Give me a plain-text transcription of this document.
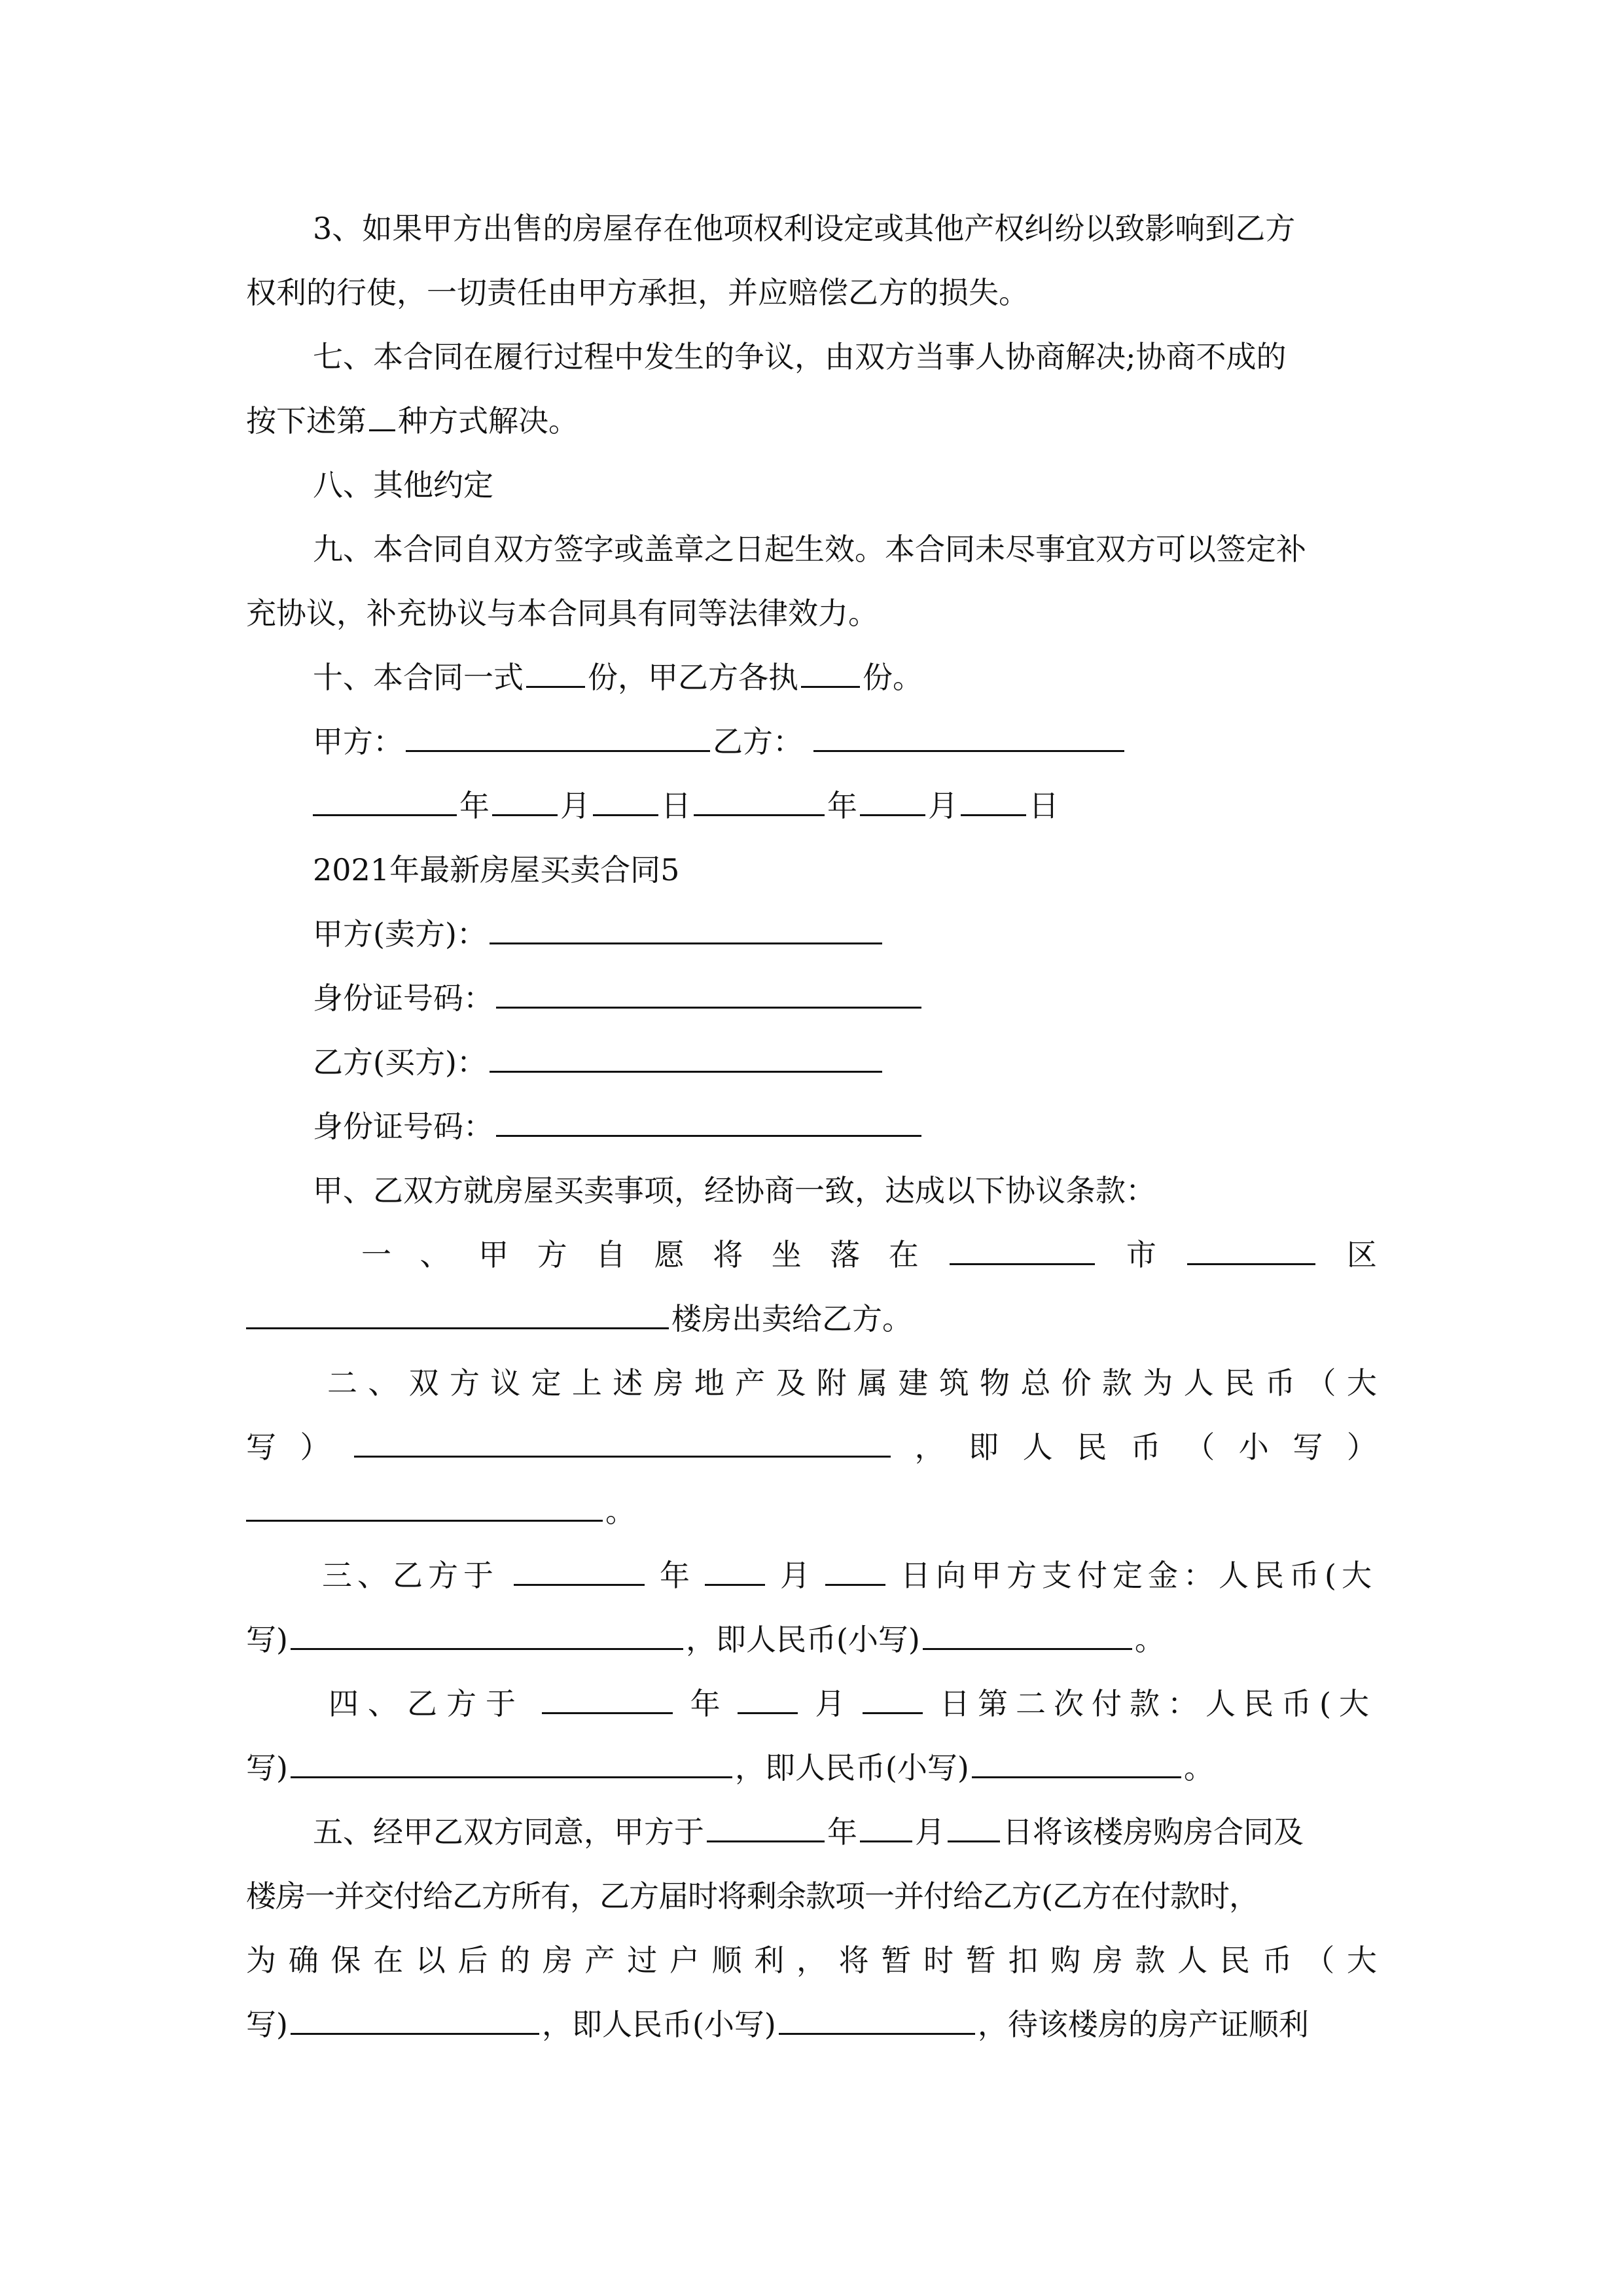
3、如果甲方出售的房屋存在他项权利设定或其他产权纠纷以致影响到乙方
权利的行使，一切责任由甲方承担，并应赔偿乙方的损失。
七、本合同在履行过程中发生的争议，由双方当事人协商解决;协商不成的
按下述第 种方式解决。
八、其他约定
九、本合同自双方签字或盖章之日起生效。本合同未尽事宜双方可以签定补
充协议，补充协议与本合同具有同等法律效力。
十、本合同一式 份，甲乙方各执 份。
甲方：	乙方：
年 月 日	年 月 日
2021年最新房屋买卖合同5
甲方(卖方)：
身份证号码：
乙方(买方)：
身份证号码：
甲、乙双方就房屋买卖事项，经协商一致，达成以下协议条款：
一 、 甲 方 自 愿 将 坐 落 在	市	区
楼房出卖给乙方。
二 、 双 方 议 定 上 述 房 地 产 及 附 属 建 筑 物 总 价 款 为 人 民 币 （ 大
写 ）	， 即 人 民 币 （ 小 写 ）
。
三、乙方于	年	月	日向甲方支付定金：人民币(大
写)	，即人民币(小写)	。
四、乙方于	年	月	日第二次付款：人民币(大
写)	，即人民币(小写)	。
五、经甲乙双方同意，甲方于	年 月 日将该楼房购房合同及
楼房一并交付给乙方所有，乙方届时将剩余款项一并付给乙方(乙方在付款时，
为 确 保 在 以 后 的 房 产 过 户 顺 利 ， 将 暂 时 暂 扣 购 房 款 人 民 币 （ 大
写)	，即人民币(小写)	，待该楼房的房产证顺利
